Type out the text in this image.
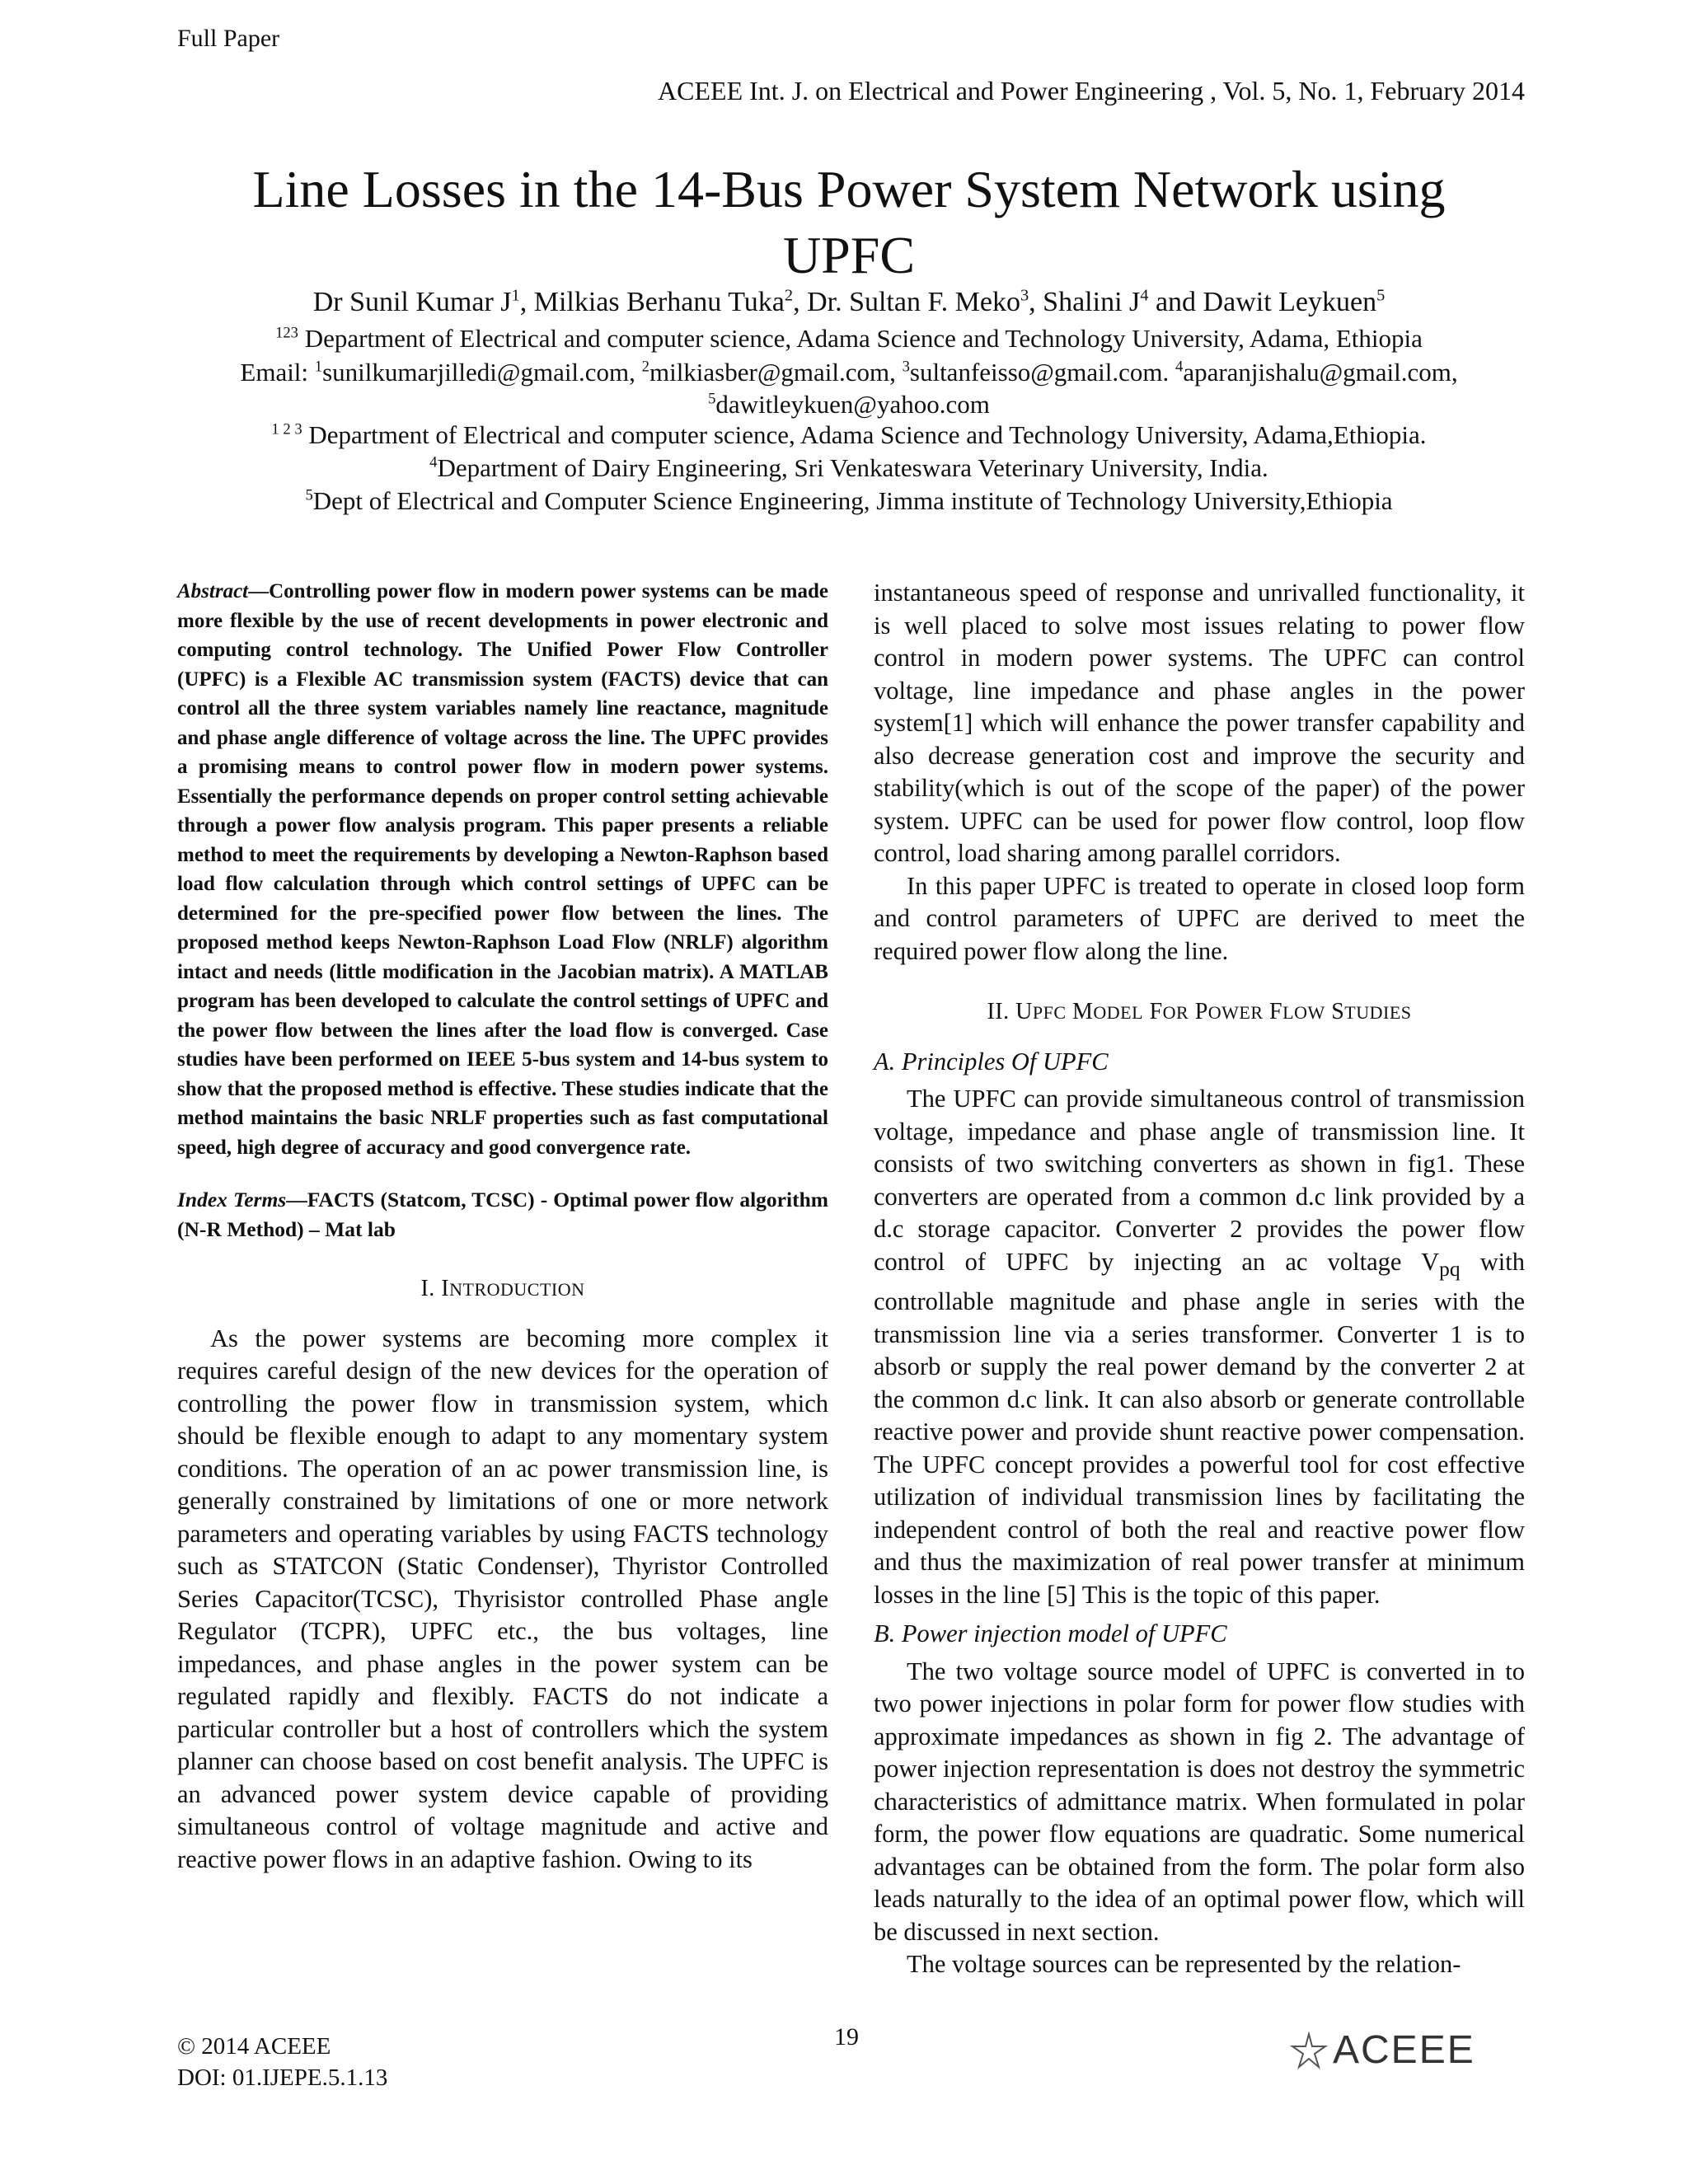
Full Paper
ACEEE Int. J. on Electrical and Power Engineering , Vol. 5, No. 1, February 2014
Line Losses in the 14-Bus Power System Network using
UPFC
Dr Sunil Kumar $J^1$, Milkias Berhanu Tuka$^2$, Dr. Sultan F. Meko$^3$, Shalini $J^4$ and Dawit Leykuen$^5$
$^{123}$ Department of Electrical and computer science, Adama Science and Technology University, Adama, Ethiopia
Email: $^1$sunilkumarjilledi@gmail.com, $^2$milkiasber@gmail.com, $^3$sultanfeisso@gmail.com. $^4$aparanjishalu@gmail.com,
$^5$dawitleykuen@yahoo.com
$^{1 2 3}$ Department of Electrical and computer science, Adama Science and Technology University, Adama,Ethiopia.
$^4$Department of Dairy Engineering, Sri Venkateswara Veterinary University, India.
$^5$Dept of Electrical and Computer Science Engineering, Jimma institute of Technology University,Ethiopia

Abstract—Controlling power flow in modern power systems can be made more flexible by the use of recent developments in power electronic and computing control technology. The Unified Power Flow Controller (UPFC) is a Flexible AC transmission system (FACTS) device that can control all the three system variables namely line reactance, magnitude and phase angle difference of voltage across the line. The UPFC provides a promising means to control power flow in modern power systems. Essentially the performance depends on proper control setting achievable through a power flow analysis program. This paper presents a reliable method to meet the requirements by developing a Newton-Raphson based load flow calculation through which control settings of UPFC can be determined for the pre-specified power flow between the lines. The proposed method keeps Newton-Raphson Load Flow (NRLF) algorithm intact and needs (little modification in the Jacobian matrix). A MATLAB program has been developed to calculate the control settings of UPFC and the power flow between the lines after the load flow is converged. Case studies have been performed on IEEE 5-bus system and 14-bus system to show that the proposed method is effective. These studies indicate that the method maintains the basic NRLF properties such as fast computational speed, high degree of accuracy and good convergence rate.

Index Terms—FACTS (Statcom, TCSC) - Optimal power flow algorithm (N-R Method) – Mat lab

I. INTRODUCTION

As the power systems are becoming more complex it requires careful design of the new devices for the operation of controlling the power flow in transmission system, which should be flexible enough to adapt to any momentary system conditions. The operation of an ac power transmission line, is generally constrained by limitations of one or more network parameters and operating variables by using FACTS technology such as STATCON (Static Condenser), Thyristor Controlled Series Capacitor(TCSC), Thyrisistor controlled Phase angle Regulator (TCPR), UPFC etc., the bus voltages, line impedances, and phase angles in the power system can be regulated rapidly and flexibly. FACTS do not indicate a particular controller but a host of controllers which the system planner can choose based on cost benefit analysis. The UPFC is an advanced power system device capable of providing simultaneous control of voltage magnitude and active and reactive power flows in an adaptive fashion. Owing to its

instantaneous speed of response and unrivalled functionality, it is well placed to solve most issues relating to power flow control in modern power systems. The UPFC can control voltage, line impedance and phase angles in the power system[1] which will enhance the power transfer capability and also decrease generation cost and improve the security and stability(which is out of the scope of the paper) of the power system. UPFC can be used for power flow control, loop flow control, load sharing among parallel corridors.

In this paper UPFC is treated to operate in closed loop form and control parameters of UPFC are derived to meet the required power flow along the line.

II. UPFC MODEL FOR POWER FLOW STUDIES
A. Principles Of UPFC

The UPFC can provide simultaneous control of transmission voltage, impedance and phase angle of transmission line. It consists of two switching converters as shown in fig1. These converters are operated from a common d.c link provided by a d.c storage capacitor. Converter 2 provides the power flow control of UPFC by injecting an ac voltage $V_{pq}$ with controllable magnitude and phase angle in series with the transmission line via a series transformer. Converter 1 is to absorb or supply the real power demand by the converter 2 at the common d.c link. It can also absorb or generate controllable reactive power and provide shunt reactive power compensation. The UPFC concept provides a powerful tool for cost effective utilization of individual transmission lines by facilitating the independent control of both the real and reactive power flow and thus the maximization of real power transfer at minimum losses in the line [5] This is the topic of this paper.

B. Power injection model of UPFC

The two voltage source model of UPFC is converted in to two power injections in polar form for power flow studies with approximate impedances as shown in fig 2. The advantage of power injection representation is does not destroy the symmetric characteristics of admittance matrix. When formulated in polar form, the power flow equations are quadratic. Some numerical advantages can be obtained from the form. The polar form also leads naturally to the idea of an optimal power flow, which will be discussed in next section.

The voltage sources can be represented by the relation-

19
© 2014 ACEEE
DOI: 01.IJEPE.5.1.13
ACEEE
